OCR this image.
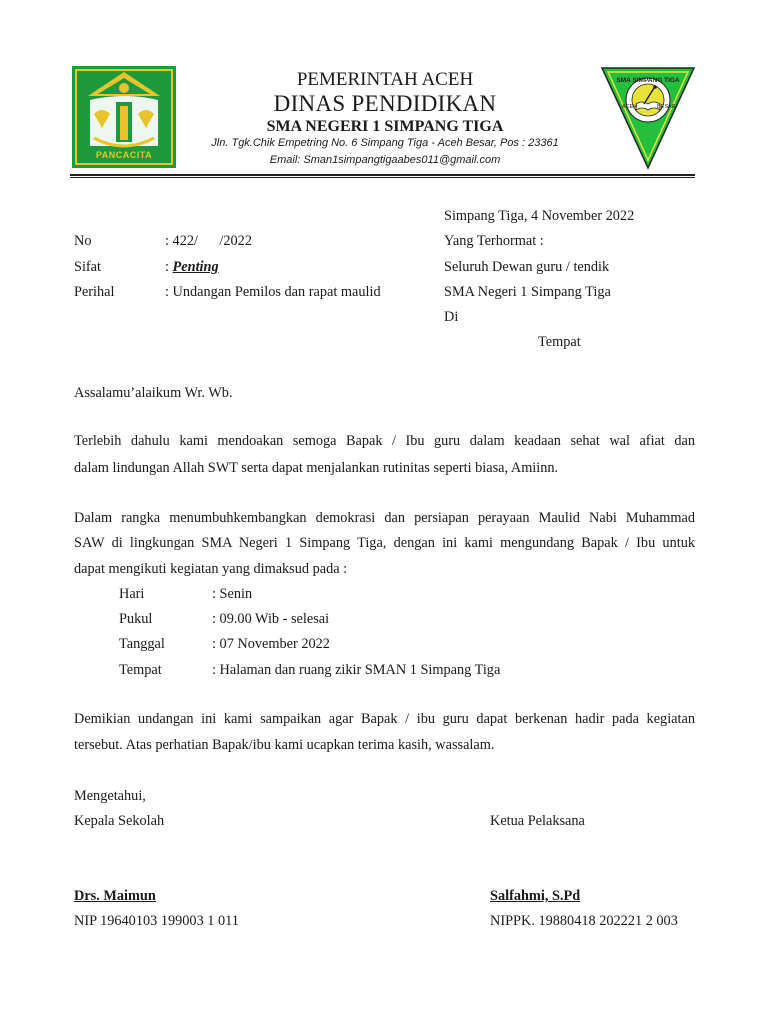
PANCACITA
SMA SIMPANG TIGA
ACEH	BESAR
PEMERINTAH ACEH
DINAS PENDIDIKAN
SMA NEGERI 1 SIMPANG TIGA
Jln. Tgk.Chik Empetring No. 6 Simpang Tiga - Aceh Besar, Pos : 23361
Email: Sman1simpangtigaabes011@gmail.com
No	: 422/      /2022
Sifat	: Penting
Perihal	: Undangan Pemilos dan rapat maulid
Simpang Tiga, 4 November 2022
Yang Terhormat :
Seluruh Dewan guru / tendik
SMA Negeri 1 Simpang Tiga
Di
Tempat
Assalamu’alaikum Wr. Wb.
Terlebih dahulu kami mendoakan semoga Bapak / Ibu guru dalam keadaan sehat wal afiat dan
dalam lindungan Allah SWT serta dapat menjalankan rutinitas seperti biasa, Amiinn.
Dalam rangka menumbuhkembangkan demokrasi dan persiapan perayaan Maulid Nabi Muhammad
SAW di lingkungan SMA Negeri 1 Simpang Tiga, dengan ini kami mengundang Bapak / Ibu untuk
dapat mengikuti kegiatan yang dimaksud pada :
Hari	: Senin
Pukul	: 09.00 Wib - selesai
Tanggal	: 07 November 2022
Tempat	: Halaman dan ruang zikir SMAN 1 Simpang Tiga
Demikian undangan ini kami sampaikan agar Bapak / ibu guru dapat berkenan hadir pada kegiatan
tersebut. Atas perhatian Bapak/ibu kami ucapkan terima kasih, wassalam.
Mengetahui,
Kepala Sekolah	Ketua Pelaksana
Drs. Maimun	Salfahmi, S.Pd
NIP 19640103 199003 1 011	NIPPK. 19880418 202221 2 003
